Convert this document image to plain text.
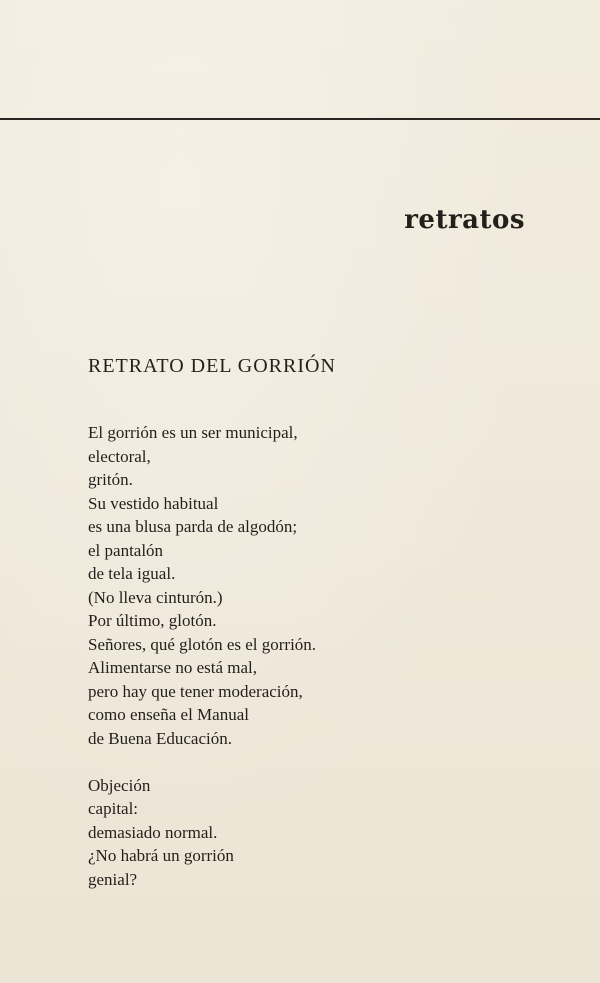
retratos
RETRATO DEL GORRIÓN
El gorrión es un ser municipal,
electoral,
gritón.
Su vestido habitual
es una blusa parda de algodón;
el pantalón
de tela igual.
(No lleva cinturón.)
Por último, glotón.
Señores, qué glotón es el gorrión.
Alimentarse no está mal,
pero hay que tener moderación,
como enseña el Manual
de Buena Educación.
Objeción
capital:
demasiado normal.
¿No habrá un gorrión
genial?
